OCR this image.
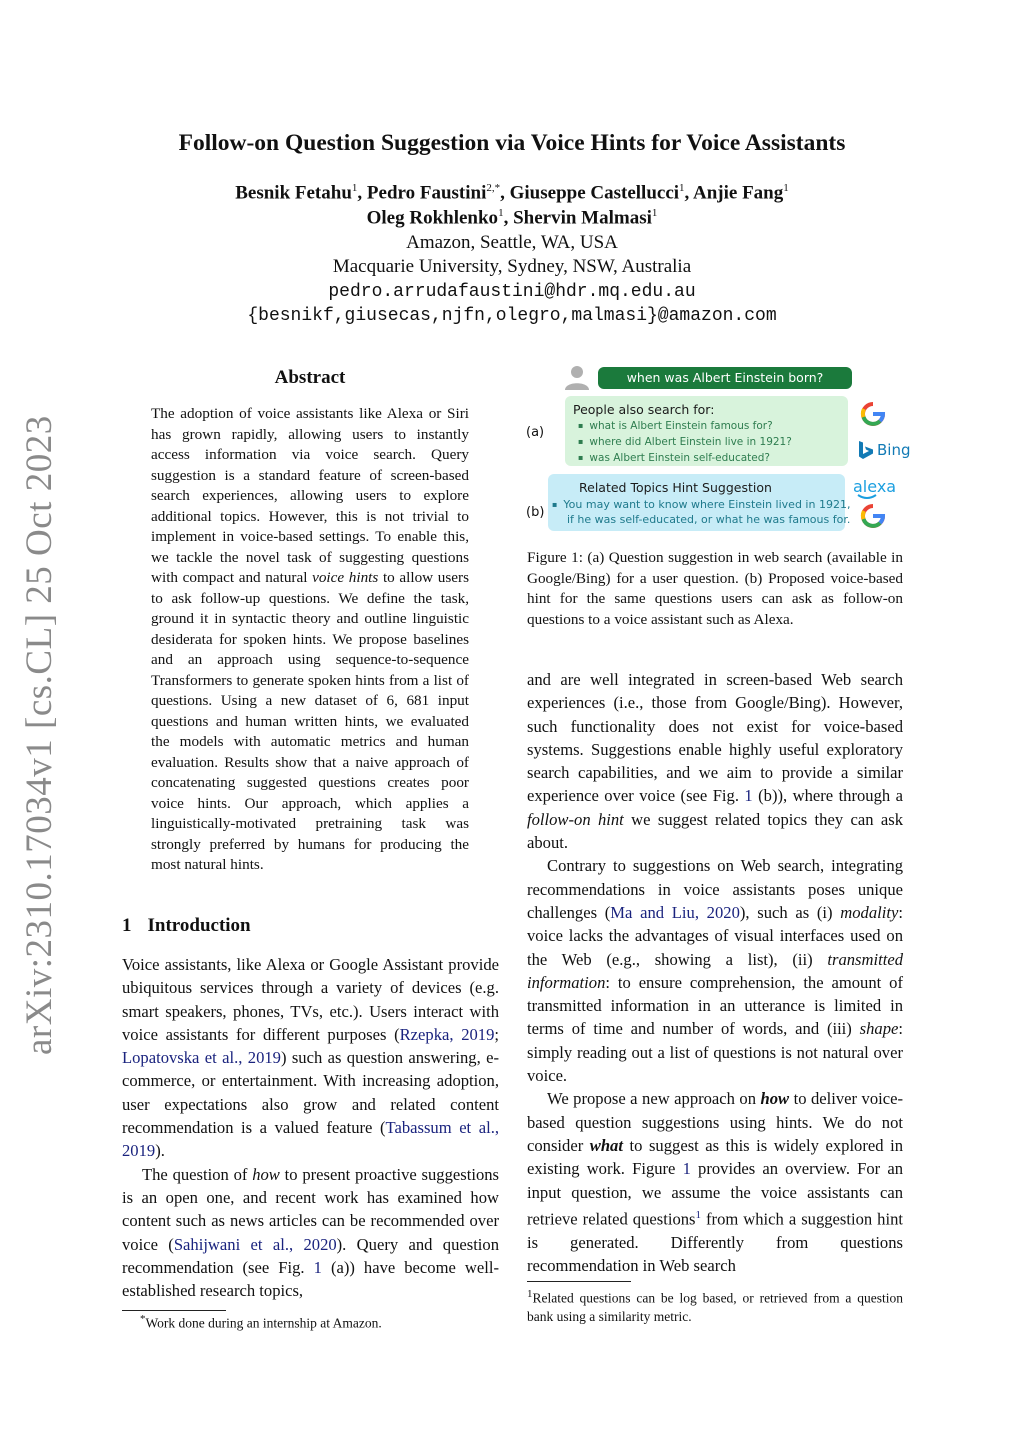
arXiv:2310.17034v1 [cs.CL] 25 Oct 2023
Follow-on Question Suggestion via Voice Hints for Voice Assistants
Besnik Fetahu$^1$, Pedro Faustini$^{2,*}$, Giuseppe Castellucci$^1$, Anjie Fang$^1$
Oleg Rokhlenko$^1$, Shervin Malmasi$^1$
Amazon, Seattle, WA, USA
Macquarie University, Sydney, NSW, Australia
pedro.arrudafaustini@hdr.mq.edu.au
{besnikf,giusecas,njfn,olegro,malmasi}@amazon.com
Abstract
The adoption of voice assistants like Alexa or Siri has grown rapidly, allowing users to instantly access information via voice search. Query suggestion is a standard feature of screen-based search experiences, allowing users to explore additional topics. However, this is not trivial to implement in voice-based settings. To enable this, we tackle the novel task of suggesting questions with compact and natural voice hints to allow users to ask follow-up questions. We define the task, ground it in syntactic theory and outline linguistic desiderata for spoken hints. We propose baselines and an approach using sequence-to-sequence Transformers to generate spoken hints from a list of questions. Using a new dataset of 6, 681 input questions and human written hints, we evaluated the models with automatic metrics and human evaluation. Results show that a naive approach of concatenating suggested questions creates poor voice hints. Our approach, which applies a linguistically-motivated pretraining task was strongly preferred by humans for producing the most natural hints.
1 Introduction

Voice assistants, like Alexa or Google Assistant provide ubiquitous services through a variety of devices (e.g. smart speakers, phones, TVs, etc.). Users interact with voice assistants for different purposes (Rzepka, 2019; Lopatovska et al., 2019) such as question answering, e-commerce, or entertainment. With increasing adoption, user expectations also grow and related content recommendation is a valued feature (Tabassum et al., 2019).

The question of how to present proactive suggestions is an open one, and recent work has examined how content such as news articles can be recommended over voice (Sahijwani et al., 2020). Query and question recommendation (see Fig. 1 (a)) have become well-established research topics,

*Work done during an internship at Amazon.
when was Albert Einstein born?
(a)
People also search for:
▪ what is Albert Einstein famous for?
▪ where did Albert Einstein live in 1921?
▪ was Albert Einstein self-educated?	Bing
(b)
Related Topics Hint Suggestion
▪ You may want to know where Einstein lived in 1921,
if he was self-educated, or what he was famous for.
alexa
Figure 1: (a) Question suggestion in web search (available in Google/Bing) for a user question. (b) Proposed voice-based hint for the same questions users can ask as follow-on questions to a voice assistant such as Alexa.

and are well integrated in screen-based Web search experiences (i.e., those from Google/Bing). However, such functionality does not exist for voice-based systems. Suggestions enable highly useful exploratory search capabilities, and we aim to provide a similar experience over voice (see Fig. 1 (b)), where through a follow-on hint we suggest related topics they can ask about.

Contrary to suggestions on Web search, integrating recommendations in voice assistants poses unique challenges (Ma and Liu, 2020), such as (i) modality: voice lacks the advantages of visual interfaces used on the Web (e.g., showing a list), (ii) transmitted information: to ensure comprehension, the amount of transmitted information in an utterance is limited in terms of time and number of words, and (iii) shape: simply reading out a list of questions is not natural over voice.

We propose a new approach on how to deliver voice-based question suggestions using hints. We do not consider what to suggest as this is widely explored in existing work. Figure 1 provides an overview. For an input question, we assume the voice assistants can retrieve related questions$^1$ from which a suggestion hint is generated. Differently from questions recommendation in Web search

$^1$Related questions can be log based, or retrieved from a question bank using a similarity metric.
